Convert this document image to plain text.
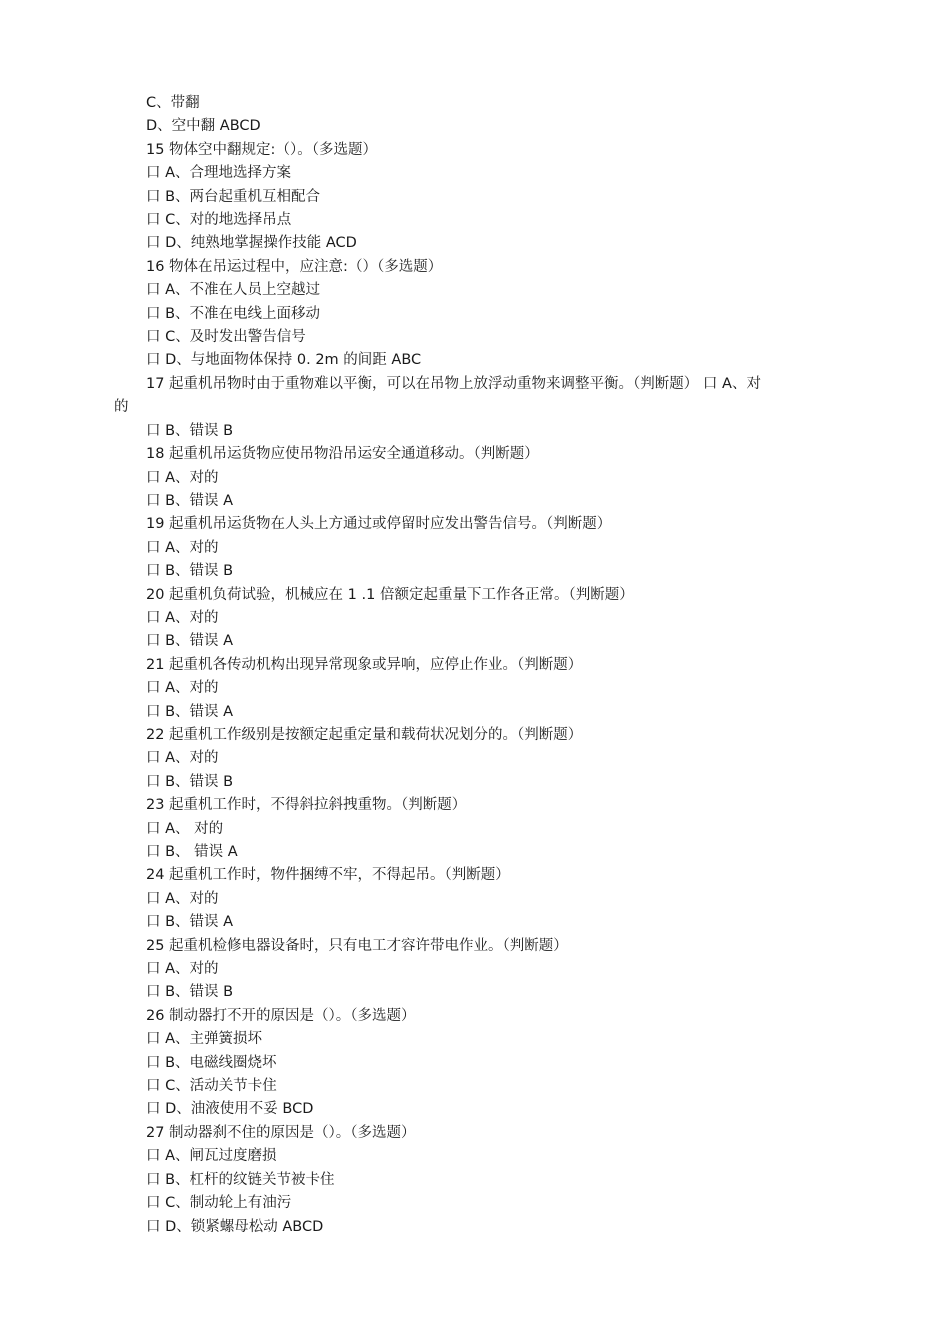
C、带翻
D、空中翻 ABCD
15 物体空中翻规定:（）。（多选题）
口 A、合理地选择方案
口 B、两台起重机互相配合
口 C、对的地选择吊点
口 D、纯熟地掌握操作技能 ACD
16 物体在吊运过程中，应注意:（）（多选题）
口 A、不准在人员上空越过
口 B、不准在电线上面移动
口 C、及时发出警告信号
口 D、与地面物体保持 0. 2m 的间距 ABC
17 起重机吊物时由于重物难以平衡，可以在吊物上放浮动重物来调整平衡。（判断题） 口 A、对
的
口 B、错误 B
18 起重机吊运货物应使吊物沿吊运安全通道移动。（判断题）
口 A、对的
口 B、错误 A
19 起重机吊运货物在人头上方通过或停留时应发出警告信号。（判断题）
口 A、对的
口 B、错误 B
20 起重机负荷试验，机械应在 1 .1 倍额定起重量下工作各正常。（判断题）
口 A、对的
口 B、错误 A
21 起重机各传动机构出现异常现象或异响，应停止作业。（判断题）
口 A、对的
口 B、错误 A
22 起重机工作级别是按额定起重定量和载荷状况划分的。（判断题）
口 A、对的
口 B、错误 B
23 起重机工作时，不得斜拉斜拽重物。（判断题）
口 A、 对的
口 B、 错误 A
24 起重机工作时，物件捆缚不牢，不得起吊。（判断题）
口 A、对的
口 B、错误 A
25 起重机检修电器设备时，只有电工才容许带电作业。（判断题）
口 A、对的
口 B、错误 B
26 制动器打不开的原因是（）。（多选题）
口 A、主弹簧损坏
口 B、电磁线圈烧坏
口 C、活动关节卡住
口 D、油液使用不妥 BCD
27 制动器刹不住的原因是（）。（多选题）
口 A、闸瓦过度磨损
口 B、杠杆的纹链关节被卡住
口 C、制动轮上有油污
口 D、锁紧螺母松动 ABCD
